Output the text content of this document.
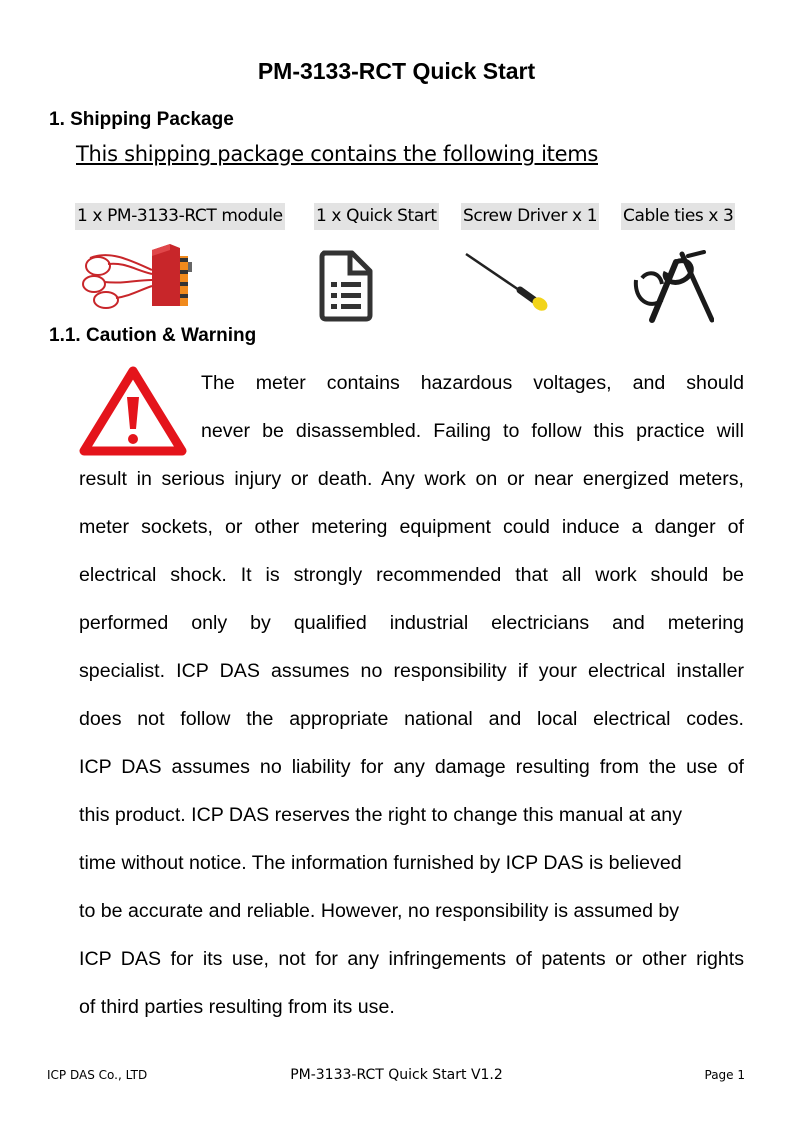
PM-3133-RCT Quick Start
1. Shipping Package
This shipping package contains the following items
1 x PM-3133-RCT module 1 x Quick Start Screw Driver x 1 Cable ties x 3
1.1. Caution & Warning
The meter contains hazardous voltages, and should
never be disassembled. Failing to follow this practice will
result in serious injury or death. Any work on or near energized meters,
meter sockets, or other metering equipment could induce a danger of
electrical shock. It is strongly recommended that all work should be
performed only by qualified industrial electricians and metering
specialist. ICP DAS assumes no responsibility if your electrical installer
does not follow the appropriate national and local electrical codes.
ICP DAS assumes no liability for any damage resulting from the use of
this product. ICP DAS reserves the right to change this manual at any
time without notice. The information furnished by ICP DAS is believed
to be accurate and reliable. However, no responsibility is assumed by
ICP DAS for its use, not for any infringements of patents or other rights
of third parties resulting from its use.
ICP DAS Co., LTD	PM-3133-RCT Quick Start V1.2	Page 1
